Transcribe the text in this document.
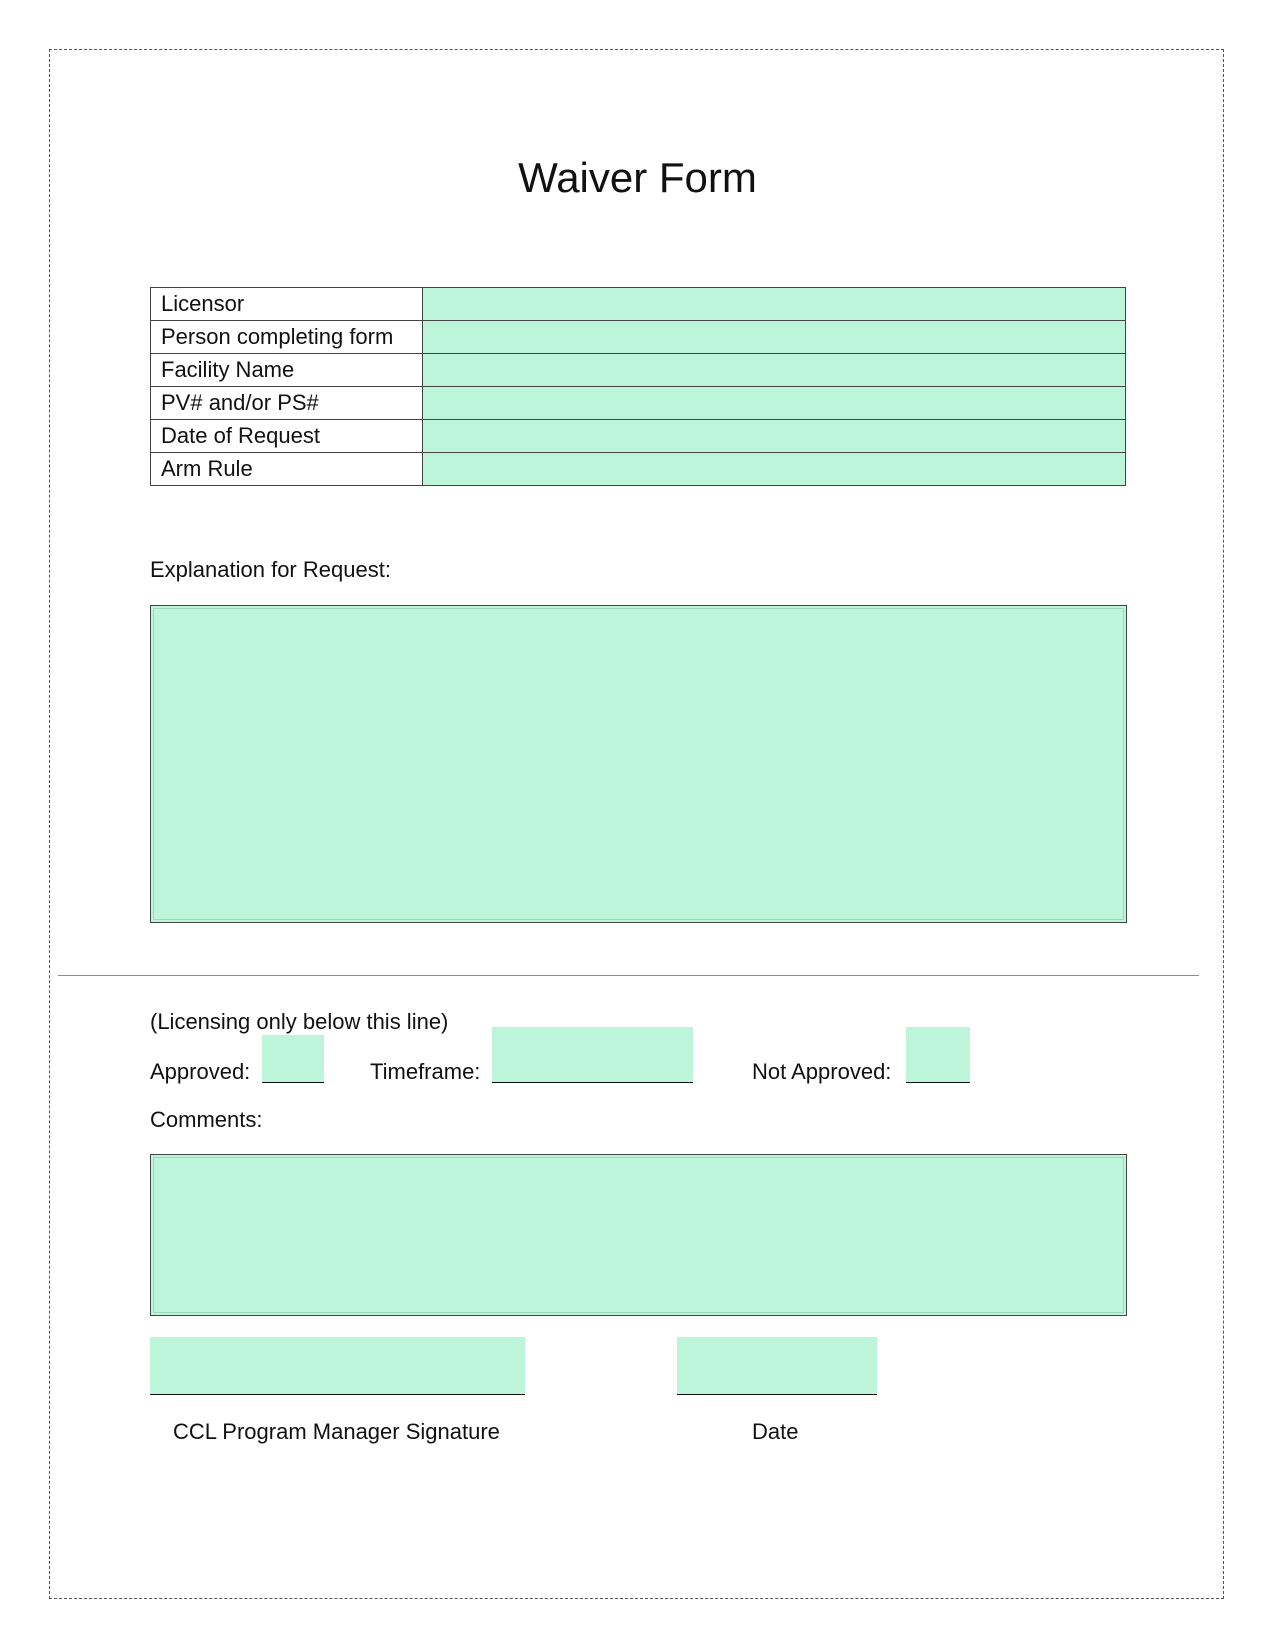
Waiver Form
Licensor	
Person completing form	
Facility Name	
PV# and/or PS#	
Date of Request	
Arm Rule	
Explanation for Request:
(Licensing only below this line)
Approved:	Timeframe:	Not Approved:
Comments:
CCL Program Manager Signature	Date
